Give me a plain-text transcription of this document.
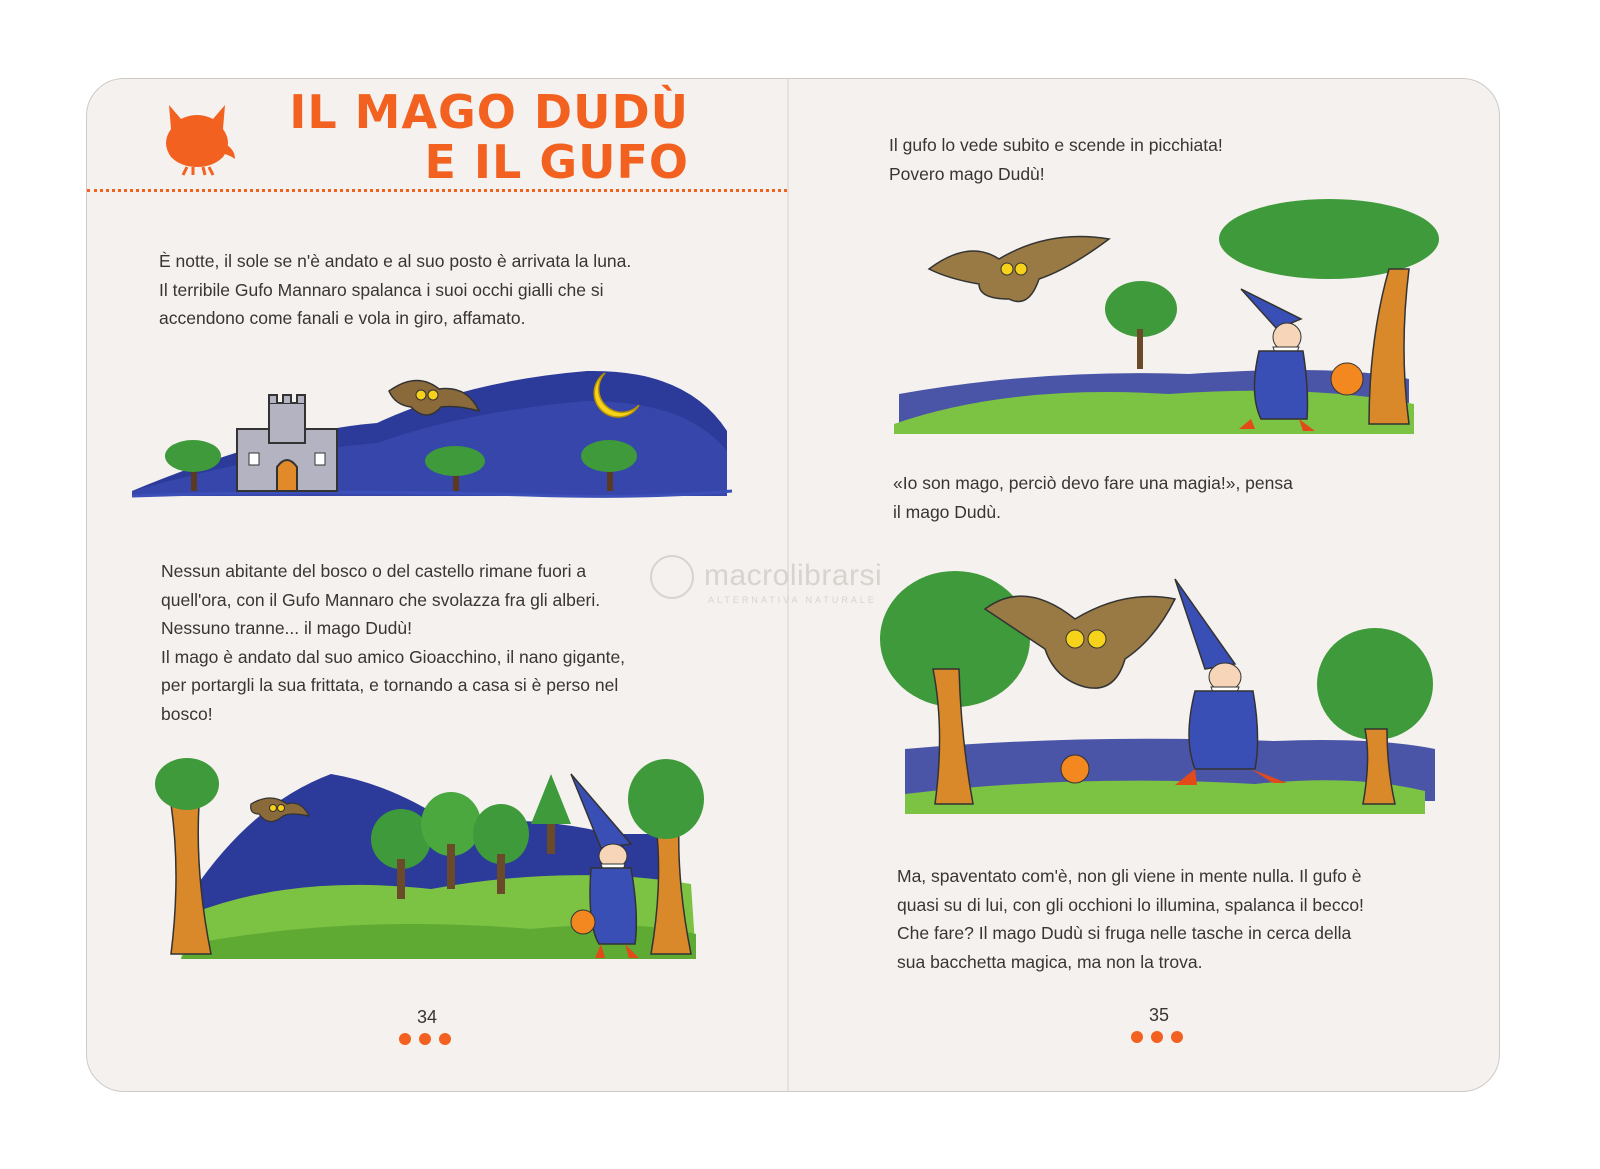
IL MAGO DUDÙ
E IL GUFO

È notte, il sole se n'è andato e al suo posto è arrivata la luna.

Il terribile Gufo Mannaro spalanca i suoi occhi gialli che si

accendono come fanali e vola in giro, affamato.

Nessun abitante del bosco o del castello rimane fuori a

quell'ora, con il Gufo Mannaro che svolazza fra gli alberi.

Nessuno tranne... il mago Dudù!

Il mago è andato dal suo amico Gioacchino, il nano gigante,

per portargli la sua frittata, e tornando a casa si è perso nel

bosco!

34

Il gufo lo vede subito e scende in picchiata!

Povero mago Dudù!

«Io son mago, perciò devo fare una magia!», pensa

il mago Dudù.

Ma, spaventato com'è, non gli viene in mente nulla. Il gufo è

quasi su di lui, con gli occhioni lo illumina, spalanca il becco!

Che fare? Il mago Dudù si fruga nelle tasche in cerca della

sua bacchetta magica, ma non la trova.

35
macrolibrarsi
ALTERNATIVA NATURALE
